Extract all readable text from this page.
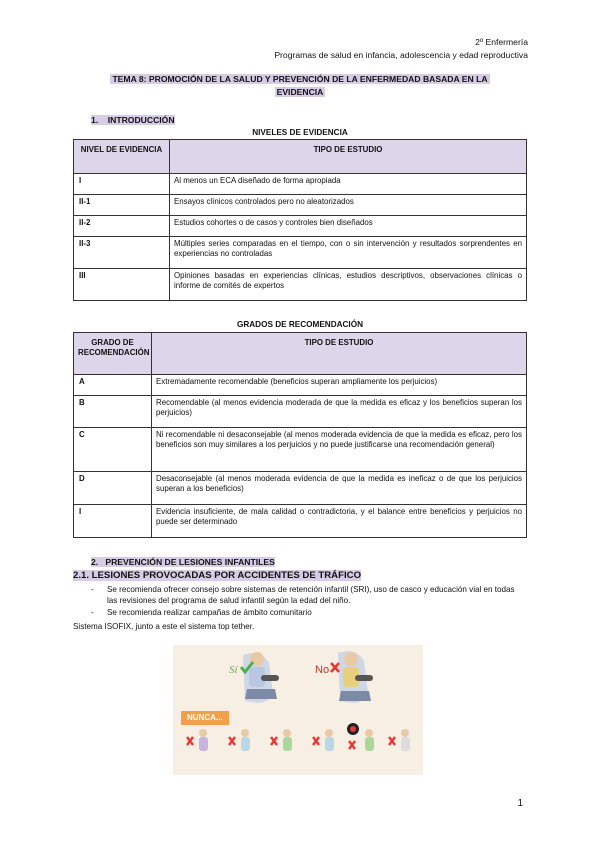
2º Enfermería
Programas de salud en infancia, adolescencia y edad reproductiva
TEMA 8: PROMOCIÓN DE LA SALUD Y PREVENCIÓN DE LA ENFERMEDAD BASADA EN LA
EVIDENCIA
1. INTRODUCCIÓN
NIVELES DE EVIDENCIA
NIVEL DE EVIDENCIA	TIPO DE ESTUDIO
I	Al menos un ECA diseñado de forma apropiada
II-1	Ensayos clínicos controlados pero no aleatorizados
II-2	Estudios cohortes o de casos y controles bien diseñados
II-3	Múltiples series comparadas en el tiempo, con o sin intervención y resultados sorprendentes en experiencias no controladas
III	Opiniones basadas en experiencias clínicas, estudios descriptivos, observaciones clínicas o informe de comités de expertos
GRADOS DE RECOMENDACIÓN
GRADO DE RECOMENDACIÓN	TIPO DE ESTUDIO
A	Extremadamente recomendable (beneficios superan ampliamente los perjuicios)
B	Recomendable (al menos evidencia moderada de que la medida es eficaz y los beneficios superan los perjuicios)
C	Ni recomendable ni desaconsejable (al menos moderada evidencia de que la medida es eficaz, pero los beneficios son muy similares a los perjuicios y no puede justificarse una recomendación general)
D	Desaconsejable (al menos moderada evidencia de que la medida es ineficaz o de que los perjuicios superan a los beneficios)
I	Evidencia insuficiente, de mala calidad o contradictoria, y el balance entre beneficios y perjuicios no puede ser determinado
2. PREVENCIÓN DE LESIONES INFANTILES
2.1. LESIONES PROVOCADAS POR ACCIDENTES DE TRÁFICO
-	Se recomienda ofrecer consejo sobre sistemas de retención infantil (SRI), uso de casco y educación vial en todas las revisiones del programa de salud infantil según la edad del niño.
-	Se recomienda realizar campañas de ámbito comunitario
Sistema ISOFIX, junto a este el sistema top tether.
Sí	No
NUNCA...
1
